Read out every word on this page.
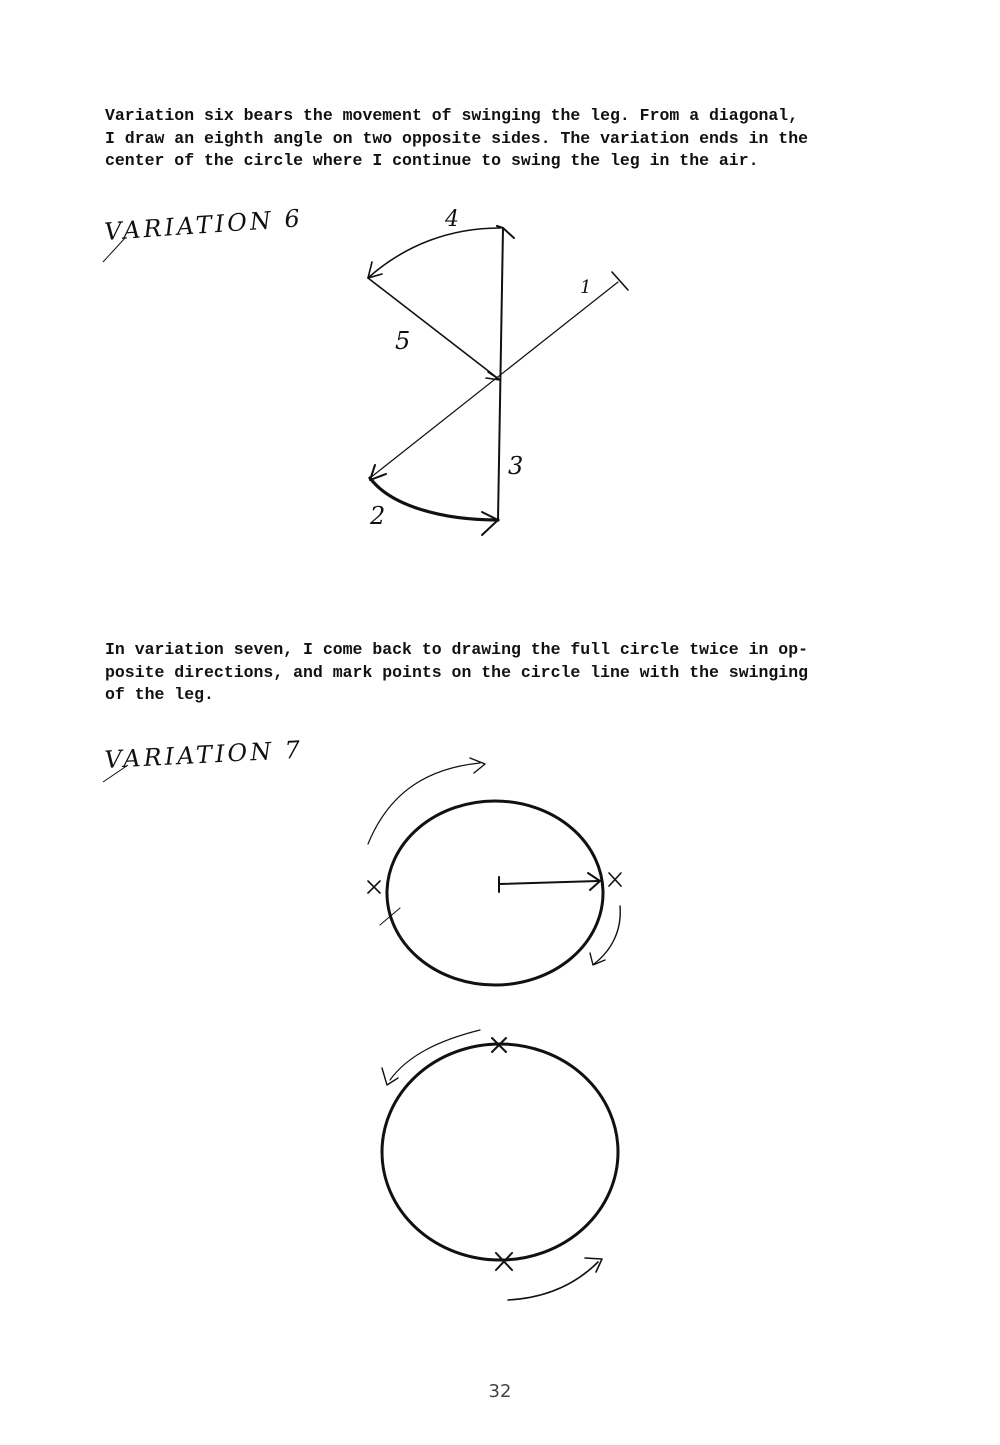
Variation six bears the movement of swinging the leg. From a diagonal,
I draw an eighth angle on two opposite sides. The variation ends in the
center of the circle where I continue to swing the leg in the air.

VARIATION 6
1
2
3
4
5

In variation seven, I come back to drawing the full circle twice in op-
posite directions, and mark points on the circle line with the swinging
of the leg.

VARIATION 7
32
